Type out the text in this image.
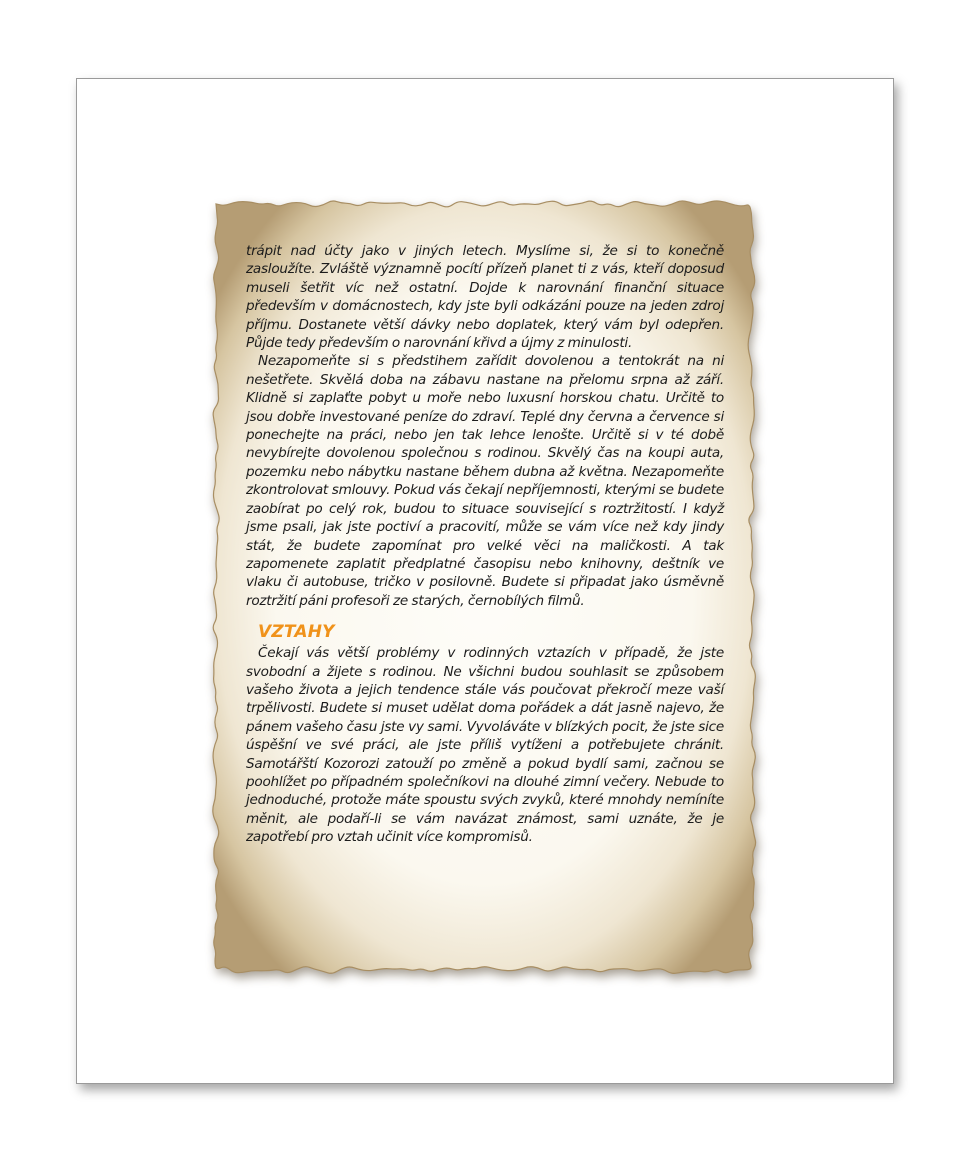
trápit nad účty jako v jiných letech. Myslíme si, že si to konečně zasloužíte. Zvláště významně pocítí přízeň planet ti z vás, kteří doposud museli šetřit víc než ostatní. Dojde k narovnání finanční situace především v domácnostech, kdy jste byli odkázáni pouze na jeden zdroj příjmu. Dostanete větší dávky nebo doplatek, který vám byl odepřen. Půjde tedy především o narovnání křivd a újmy z minulosti.

Nezapomeňte si s předstihem zařídit dovolenou a tentokrát na ni nešetřete. Skvělá doba na zábavu nastane na přelomu srpna až září. Klidně si zaplaťte pobyt u moře nebo luxusní horskou chatu. Určitě to jsou dobře investované peníze do zdraví. Teplé dny června a července si ponechejte na práci, nebo jen tak lehce lenošte. Určitě si v té době nevybírejte dovolenou společnou s rodinou. Skvělý čas na koupi auta, pozemku nebo nábytku nastane během dubna až května. Nezapomeňte zkontrolovat smlouvy. Pokud vás čekají nepříjemnosti, kterými se budete zaobírat po celý rok, budou to situace související s roztržitostí. I když jsme psali, jak jste poctiví a pracovití, může se vám více než kdy jindy stát, že budete zapomínat pro velké věci na maličkosti. A tak zapomenete zaplatit předplatné časopisu nebo knihovny, deštník ve vlaku či autobuse, tričko v posilovně. Budete si připadat jako úsměvně roztržití páni profesoři ze starých, černobílých filmů.

VZTAHY

Čekají vás větší problémy v rodinných vztazích v případě, že jste svobodní a žijete s rodinou. Ne všichni budou souhlasit se způsobem vašeho života a jejich tendence stále vás poučovat překročí meze vaší trpělivosti. Budete si muset udělat doma pořádek a dát jasně najevo, že pánem vašeho času jste vy sami. Vyvoláváte v blízkých pocit, že jste sice úspěšní ve své práci, ale jste příliš vytíženi a potřebujete chránit. Samotářští Kozorozi zatouží po změně a pokud bydlí sami, začnou se poohlížet po případném společníkovi na dlouhé zimní večery. Nebude to jednoduché, protože máte spoustu svých zvyků, které mnohdy nemíníte měnit, ale podaří-li se vám navázat známost, sami uznáte, že je zapotřebí pro vztah učinit více kompromisů.
